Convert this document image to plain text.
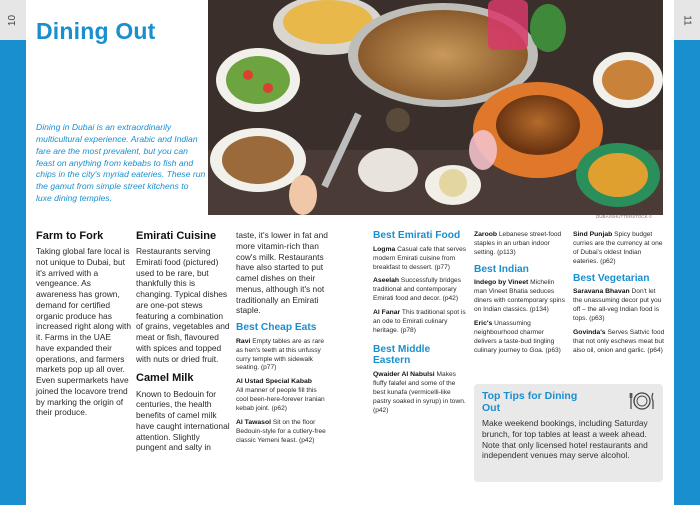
10
Plan Your Trip Dining Out
11
Plan Your Trip Dining Out
Dining Out

Dining in Dubai is an extraordinarily multicultural experience. Arabic and Indian fare are the most prevalent, but you can feast on anything from kebabs to fish and chips in the city's myriad eateries. These run the gamut from simple street kitchens to luxe dining temples.

DUBAI/SHUTTERSTOCK ©
Farm to Fork

Taking global fare local is not unique to Dubai, but it's arrived with a vengeance. As awareness has grown, demand for certified organic produce has increased right along with it. Farms in the UAE have expanded their operations, and farmers markets pop up all over. Even supermarkets have joined the locavore trend by marking the origin of their produce.

Emirati Cuisine

Restaurants serving Emirati food (pictured) used to be rare, but thankfully this is changing. Typical dishes are one-pot stews featuring a combination of grains, vegetables and meat or fish, flavoured with spices and topped with nuts or dried fruit.

Camel Milk

Known to Bedouin for centuries, the health benefits of camel milk have caught international attention. Slightly pungent and salty in

taste, it's lower in fat and more vitamin-rich than cow's milk. Restaurants have also started to put camel dishes on their menus, although it's not traditionally an Emirati staple.

Best Cheap Eats

Ravi Empty tables are as rare as hen's teeth at this unfussy curry temple with sidewalk seating. (p77)

Al Ustad Special Kabab
All manner of people fill this cool been-here-forever Iranian kebab joint. (p62)

Al Tawasol Sit on the floor Bedouin-style for a cutlery-free classic Yemeni feast. (p42)

Best Emirati Food

Logma Casual cafe that serves modern Emirati cuisine from breakfast to dessert. (p77)

Aseelah Successfully bridges traditional and contemporary Emirati food and decor. (p42)

Al Fanar This traditional spot is an ode to Emirati culinary heritage. (p78)

Best Middle Eastern

Qwaider Al Nabulsi Makes fluffy falafel and some of the best kunafa (vermicelli-like pastry soaked in syrup) in town. (p42)

Zaroob Lebanese street-food staples in an urban indoor setting. (p113)

Best Indian

Indego by Vineet Michelin man Vineet Bhatia seduces diners with contemporary spins on Indian classics. (p134)

Eric's Unassuming neighbourhood charmer delivers a taste-bud tingling culinary journey to Goa. (p63)

Sind Punjab Spicy budget curries are the currency at one of Dubai's oldest Indian eateries. (p62)

Best Vegetarian

Saravana Bhavan Don't let the unassuming decor put you off – the all-veg Indian food is tops. (p63)

Govinda's Serves Sattvic food that not only eschews meat but also oil, onion and garlic. (p64)

Top Tips for Dining Out

Make weekend bookings, including Saturday brunch, for top tables at least a week ahead. Note that only licensed hotel restaurants and independent venues may serve alcohol.
